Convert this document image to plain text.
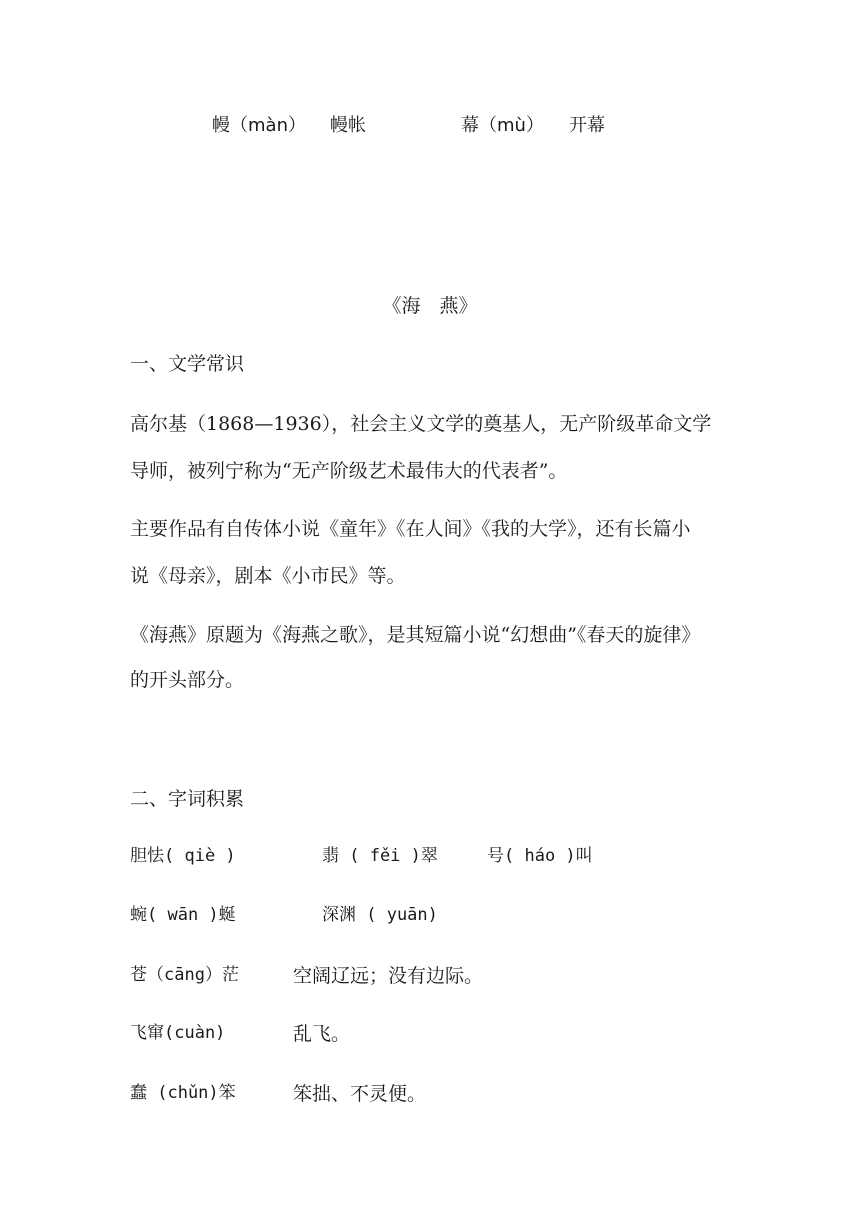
幔（màn） 幔帐	幕（mù） 开幕
《海　燕》
一、文学常识
高尔基（1868—1936），社会主义文学的奠基人，无产阶级革命文学
导师，被列宁称为“无产阶级艺术最伟大的代表者”。
主要作品有自传体小说《童年》《在人间》《我的大学》，还有长篇小
说《母亲》，剧本《小市民》等。
《海燕》原题为《海燕之歌》，是其短篇小说“幻想曲”《春天的旋律》
的开头部分。
二、字词积累
胆怯( qiè )	翡 ( fěi )翠	号( háo )叫
蜿( wān )蜒	深渊 ( yuān)
苍（cāng）茫	空阔辽远；没有边际。
飞窜(cuàn)	乱飞。
蠢 (chǔn)笨	笨拙、不灵便。
